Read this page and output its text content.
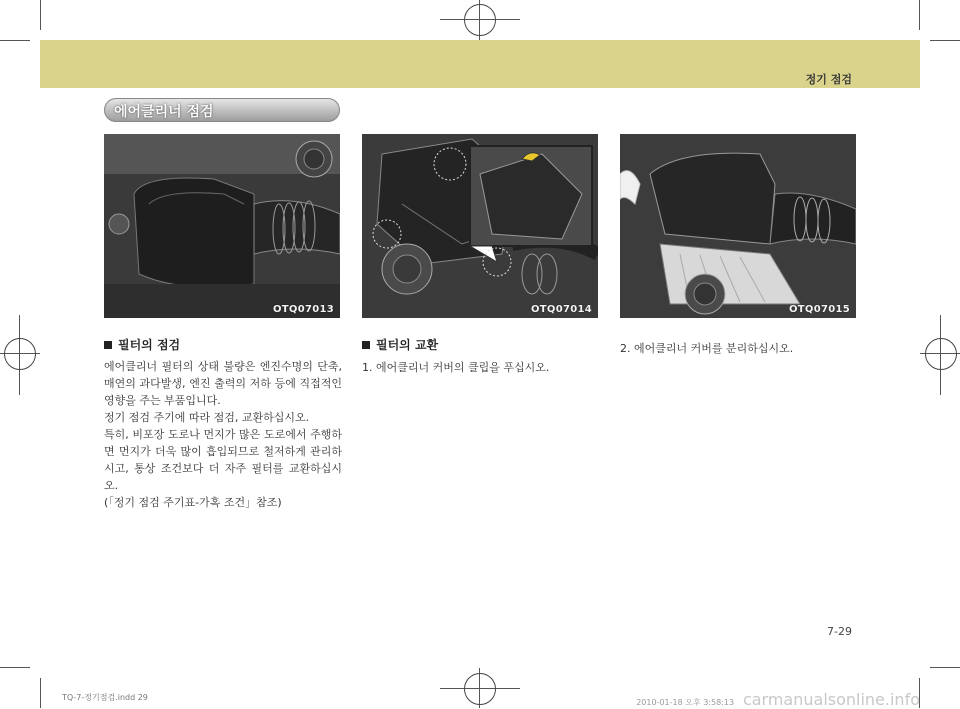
정기 점검
에어클리너 점검
OTQ07013	OTQ07014	OTQ07015
필터의 점검
에어클리너 필터의 상태 불량은 엔진수명의 단축, 매연의 과다발생, 엔진 출력의 저하 등에 직접적인 영향을 주는 부품입니다.
정기 점검 주기에 따라 점검, 교환하십시오.
특히, 비포장 도로나 먼지가 많은 도로에서 주행하면 먼지가 더욱 많이 흡입되므로 철저하게 관리하시고, 통상 조건보다 더 자주 필터를 교환하십시오.
(「정기 점검 주기표-가혹 조건」참조)
필터의 교환
1. 에어클리너 커버의 클립을 푸십시오.
2. 에어클리너 커버를 분리하십시오.
7-29
TQ-7-정기점검.indd 29
2010-01-18 오후 3:58:13 carmanualsonline.info
